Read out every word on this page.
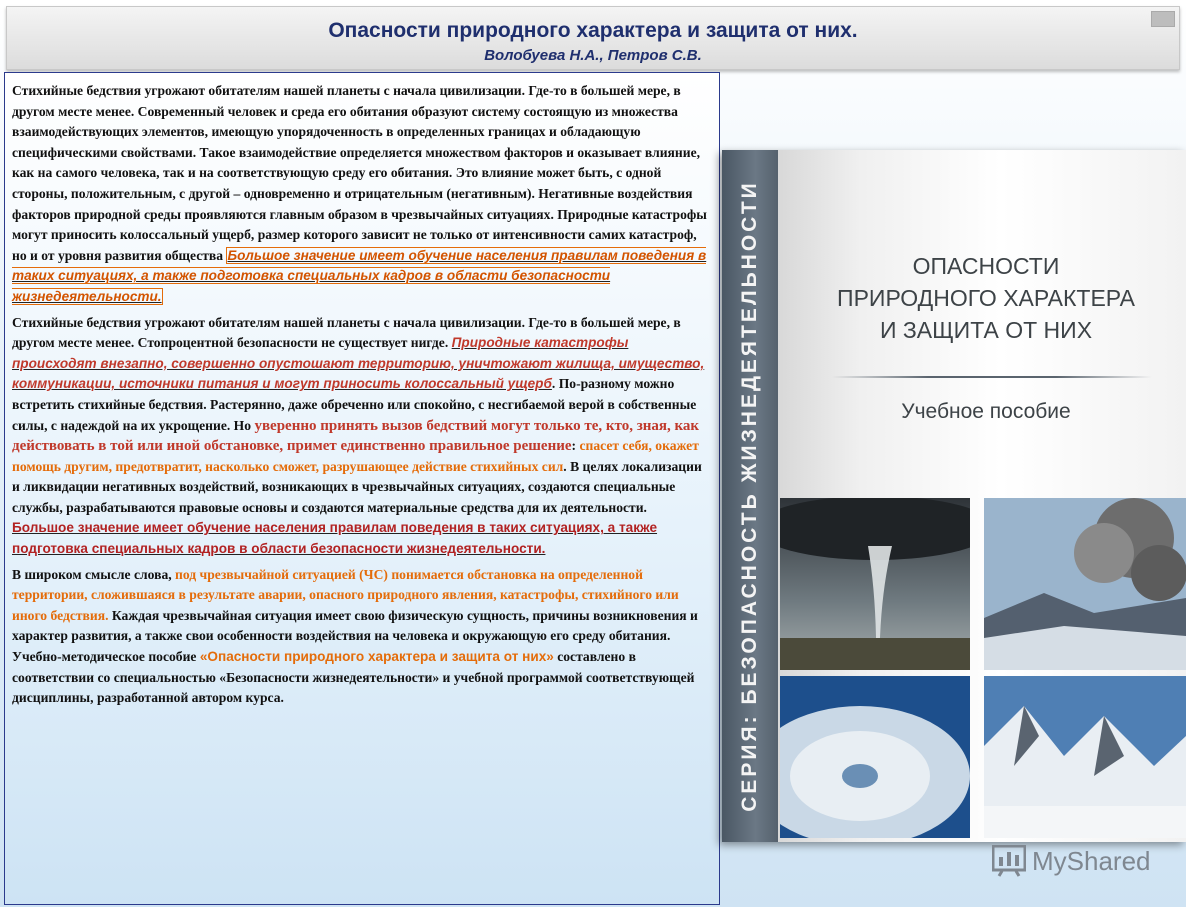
Опасности природного характера и защита от них.
Волобуева Н.А., Петров С.В.

Стихийные бедствия угрожают обитателям нашей планеты с начала цивилизации. Где-то в большей мере, в другом месте менее. Современный человек и среда его обитания образуют систему состоящую из множества взаимодействующих элементов, имеющую упорядоченность в определенных границах и обладающую специфическими свойствами. Такое взаимодействие определяется множеством факторов и оказывает влияние, как на самого человека, так и на соответствующую среду его обитания. Это влияние может быть, с одной стороны, положительным, с другой – одновременно и отрицательным (негативным). Негативные воздействия факторов природной среды проявляются главным образом в чрезвычайных ситуациях. Природные катастрофы могут приносить колоссальный ущерб, размер которого зависит не только от интенсивности самих катастроф, но и от уровня развития общества Большое значение имеет обучение населения правилам поведения в таких ситуациях, а также подготовка специальных кадров в области безопасности жизнедеятельности.

Стихийные бедствия угрожают обитателям нашей планеты с начала цивилизации. Где-то в большей мере, в другом месте менее. Стопроцентной безопасности не существует нигде. Природные катастрофы происходят внезапно, совершенно опустошают территорию, уничтожают жилища, имущество, коммуникации, источники питания и могут приносить колоссальный ущерб. По-разному можно встретить стихийные бедствия. Растерянно, даже обреченно или спокойно, с несгибаемой верой в собственные силы, с надеждой на их укрощение. Но уверенно принять вызов бедствий могут только те, кто, зная, как действовать в той или иной обстановке, примет единственно правильное решение: спасет себя, окажет помощь другим, предотвратит, насколько сможет, разрушающее действие стихийных сил. В целях локализации и ликвидации негативных воздействий, возникающих в чрезвычайных ситуациях, создаются специальные службы, разрабатываются правовые основы и создаются материальные средства для их деятельности. Большое значение имеет обучение населения правилам поведения в таких ситуациях, а также подготовка специальных кадров в области безопасности жизнедеятельности.

В широком смысле слова, под чрезвычайной ситуацией (ЧС) понимается обстановка на определенной территории, сложившаяся в результате аварии, опасного природного явления, катастрофы, стихийного или иного бедствия. Каждая чрезвычайная ситуация имеет свою физическую сущность, причины возникновения и характер развития, а также свои особенности воздействия на человека и окружающую его среду обитания. Учебно-методическое пособие «Опасности природного характера и защита от них» составлено в соответствии со специальностью «Безопасности жизнедеятельности» и учебной программой соответствующей дисциплины, разработанной автором курса.	СЕРИЯ: БЕЗОПАСНОСТЬ ЖИЗНЕДЕЯТЕЛЬНОСТИ	ОПАСНОСТИ
ПРИРОДНОГО ХАРАКТЕРА
И ЗАЩИТА ОТ НИХ
Учебное пособие
MyShared
